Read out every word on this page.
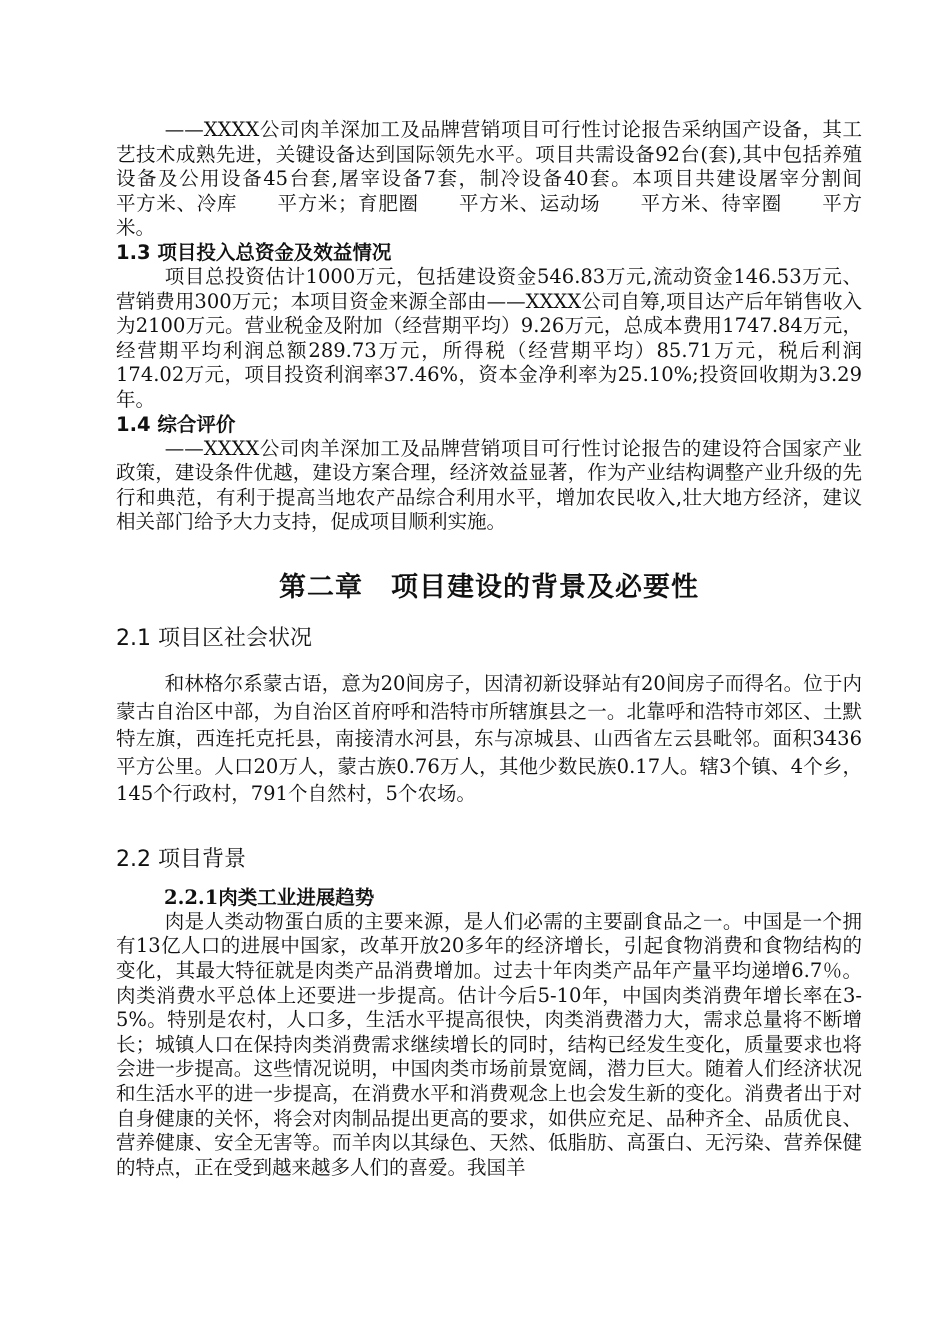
——XXXX公司肉羊深加工及品牌营销项目可行性讨论报告采纳国产设备，其工艺技术成熟先进，关键设备达到国际领先水平。项目共需设备92台(套),其中包括养殖设备及公用设备45台套,屠宰设备7套，制冷设备40套。本项目共建设屠宰分割间　　平方米、冷库　　平方米；育肥圈　　平方米、运动场　　平方米、待宰圈　　平方米。

1.3 项目投入总资金及效益情况

项目总投资估计1000万元，包括建设资金546.83万元,流动资金146.53万元、营销费用300万元；本项目资金来源全部由——XXXX公司自筹,项目达产后年销售收入为2100万元。营业税金及附加（经营期平均）9.26万元，总成本费用1747.84万元，经营期平均利润总额289.73万元，所得税（经营期平均）85.71万元，税后利润174.02万元，项目投资利润率37.46%，资本金净利率为25.10%;投资回收期为3.29年。

1.4 综合评价

——XXXX公司肉羊深加工及品牌营销项目可行性讨论报告的建设符合国家产业政策，建设条件优越，建设方案合理，经济效益显著，作为产业结构调整产业升级的先行和典范，有利于提高当地农产品综合利用水平，增加农民收入,壮大地方经济，建议相关部门给予大力支持，促成项目顺利实施。

第二章　项目建设的背景及必要性
2.1 项目区社会状况

和林格尔系蒙古语，意为20间房子，因清初新设驿站有20间房子而得名。位于内蒙古自治区中部，为自治区首府呼和浩特市所辖旗县之一。北靠呼和浩特市郊区、土默特左旗，西连托克托县，南接清水河县，东与凉城县、山西省左云县毗邻。面积3436平方公里。人口20万人，蒙古族0.76万人，其他少数民族0.17人。辖3个镇、4个乡，145个行政村，791个自然村，5个农场。

2.2 项目背景
2.2.1肉类工业进展趋势

肉是人类动物蛋白质的主要来源，是人们必需的主要副食品之一。中国是一个拥有13亿人口的进展中国家，改革开放20多年的经济增长，引起食物消费和食物结构的变化，其最大特征就是肉类产品消费增加。过去十年肉类产品年产量平均递增6.7％。肉类消费水平总体上还要进一步提高。估计今后5-10年，中国肉类消费年增长率在3-5%。特别是农村，人口多，生活水平提高很快，肉类消费潜力大，需求总量将不断增长；城镇人口在保持肉类消费需求继续增长的同时，结构已经发生变化，质量要求也将会进一步提高。这些情况说明，中国肉类市场前景宽阔，潜力巨大。随着人们经济状况和生活水平的进一步提高，在消费水平和消费观念上也会发生新的变化。消费者出于对自身健康的关怀，将会对肉制品提出更高的要求，如供应充足、品种齐全、品质优良、营养健康、安全无害等。而羊肉以其绿色、天然、低脂肪、高蛋白、无污染、营养保健的特点，正在受到越来越多人们的喜爱。我国羊
